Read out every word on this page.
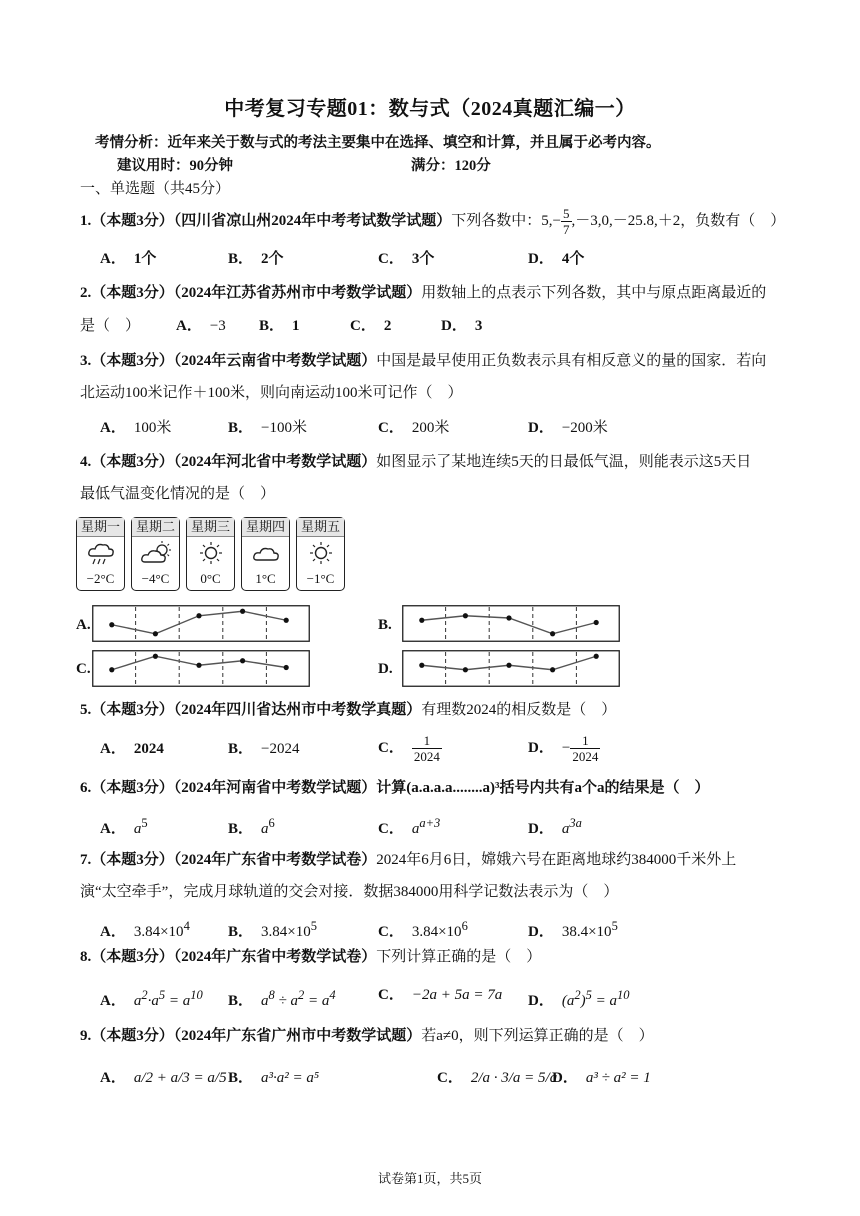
中考复习专题01：数与式（2024真题汇编一）
考情分析：近年来关于数与式的考法主要集中在选择、填空和计算，并且属于必考内容。
建议用时：90分钟	满分：120分
一、单选题（共45分）
1.（本题3分）（四川省凉山州2024年中考考试数学试题）下列各数中：$5,- \frac{5}{7} ,-3,0,-25.8,+2$，负数有（　）
A． 1个	B． 2个	C． 3个	D． 4个
2.（本题3分）（2024年江苏省苏州市中考数学试题）用数轴上的点表示下列各数，其中与原点距离最近的
是（　） A． −3 B． 1	C． 2	D． 3
3.（本题3分）（2024年云南省中考数学试题）中国是最早使用正负数表示具有相反意义的量的国家．若向
北运动100米记作＋100米，则向南运动100米可记作（　）
A． 100米	B． −100米	C． 200米	D． −200米
4.（本题3分）（2024年河北省中考数学试题）如图显示了某地连续5天的日最低气温，则能表示这5天日
最低气温变化情况的是（　）
星期一
−2°C
星期二
−4°C
星期三
0°C
星期四
1°C
星期五
−1°C
A.	B.
C.	D.
5.（本题3分）（2024年四川省达州市中考数学真题）有理数2024的相反数是（　）
A． 2024	B． −2024	C． $\frac{1}{2024}$	D． − $\frac{1}{2024}$
6.（本题3分）（2024年河南省中考数学试题）计算(a.a.a.a........a)³括号内共有a个a的结果是（　）
A． $a^5$	B． $a^6$	C． $a^{a+3}$	D． $a^{3a}$
7.（本题3分）（2024年广东省中考数学试卷）2024年6月6日，嫦娥六号在距离地球约384000千米外上
演“太空牵手”，完成月球轨道的交会对接．数据384000用科学记数法表示为（　）
A． $3.84\times 10^4$	B． $3.84\times 10^5$	C． $3.84\times 10^6$	D． $38.4\times 10^5$
8.（本题3分）（2024年广东省中考数学试卷）下列计算正确的是（　）
A． $a^2\cdot a^5 = a^{10}$ B． $a^8 \div a^2 = a^4$	C． −2a + 5a = 7a D． $(a^2)^5 = a^{10}$
9.（本题3分）（2024年广东省广州市中考数学试题）若a≠0，则下列运算正确的是（　）
A． a/2 + a/3 = a/5 B． a³·a² = a⁵	C． 2/a · 3/a = 5/a
D． a³ ÷ a² = 1
试卷第1页，共5页
